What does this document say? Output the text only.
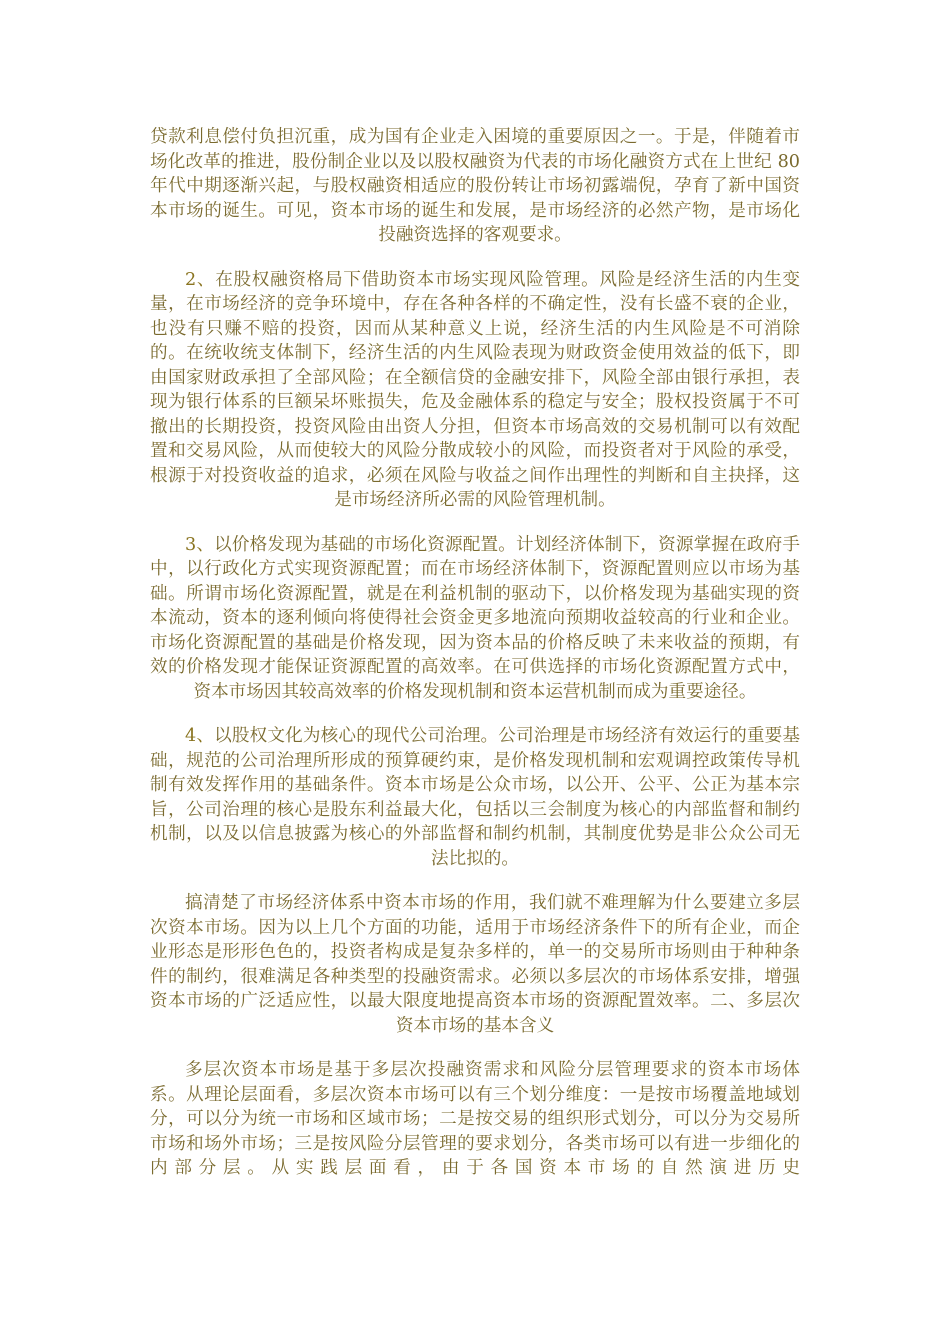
贷款利息偿付负担沉重，成为国有企业走入困境的重要原因之一。于是，伴随着市场化改革的推进，股份制企业以及以股权融资为代表的市场化融资方式在上世纪 80 年代中期逐渐兴起，与股权融资相适应的股份转让市场初露端倪，孕育了新中国资本市场的诞生。可见，资本市场的诞生和发展，是市场经济的必然产物，是市场化投融资选择的客观要求。

2、在股权融资格局下借助资本市场实现风险管理。风险是经济生活的内生变量，在市场经济的竞争环境中，存在各种各样的不确定性，没有长盛不衰的企业，也没有只赚不赔的投资，因而从某种意义上说，经济生活的内生风险是不可消除的。在统收统支体制下，经济生活的内生风险表现为财政资金使用效益的低下，即由国家财政承担了全部风险；在全额信贷的金融安排下，风险全部由银行承担，表现为银行体系的巨额呆坏账损失，危及金融体系的稳定与安全；股权投资属于不可撤出的长期投资，投资风险由出资人分担，但资本市场高效的交易机制可以有效配置和交易风险，从而使较大的风险分散成较小的风险，而投资者对于风险的承受，根源于对投资收益的追求，必须在风险与收益之间作出理性的判断和自主抉择，这是市场经济所必需的风险管理机制。

3、以价格发现为基础的市场化资源配置。计划经济体制下，资源掌握在政府手中，以行政化方式实现资源配置；而在市场经济体制下，资源配置则应以市场为基础。所谓市场化资源配置，就是在利益机制的驱动下，以价格发现为基础实现的资本流动，资本的逐利倾向将使得社会资金更多地流向预期收益较高的行业和企业。市场化资源配置的基础是价格发现，因为资本品的价格反映了未来收益的预期，有效的价格发现才能保证资源配置的高效率。在可供选择的市场化资源配置方式中，资本市场因其较高效率的价格发现机制和资本运营机制而成为重要途径。

4、以股权文化为核心的现代公司治理。公司治理是市场经济有效运行的重要基础，规范的公司治理所形成的预算硬约束，是价格发现机制和宏观调控政策传导机制有效发挥作用的基础条件。资本市场是公众市场，以公开、公平、公正为基本宗旨，公司治理的核心是股东利益最大化，包括以三会制度为核心的内部监督和制约机制，以及以信息披露为核心的外部监督和制约机制，其制度优势是非公众公司无法比拟的。

搞清楚了市场经济体系中资本市场的作用，我们就不难理解为什么要建立多层次资本市场。因为以上几个方面的功能，适用于市场经济条件下的所有企业，而企业形态是形形色色的，投资者构成是复杂多样的，单一的交易所市场则由于种种条件的制约，很难满足各种类型的投融资需求。必须以多层次的市场体系安排，增强资本市场的广泛适应性，以最大限度地提高资本市场的资源配置效率。二、多层次资本市场的基本含义

多层次资本市场是基于多层次投融资需求和风险分层管理要求的资本市场体系。从理论层面看，多层次资本市场可以有三个划分维度：一是按市场覆盖地域划分，可以分为统一市场和区域市场；二是按交易的组织形式划分，可以分为交易所市场和场外市场；三是按风险分层管理的要求划分，各类市场可以有进一步细化的内部分层。从实践层面看，由于各国资本市场的自然演进历史
